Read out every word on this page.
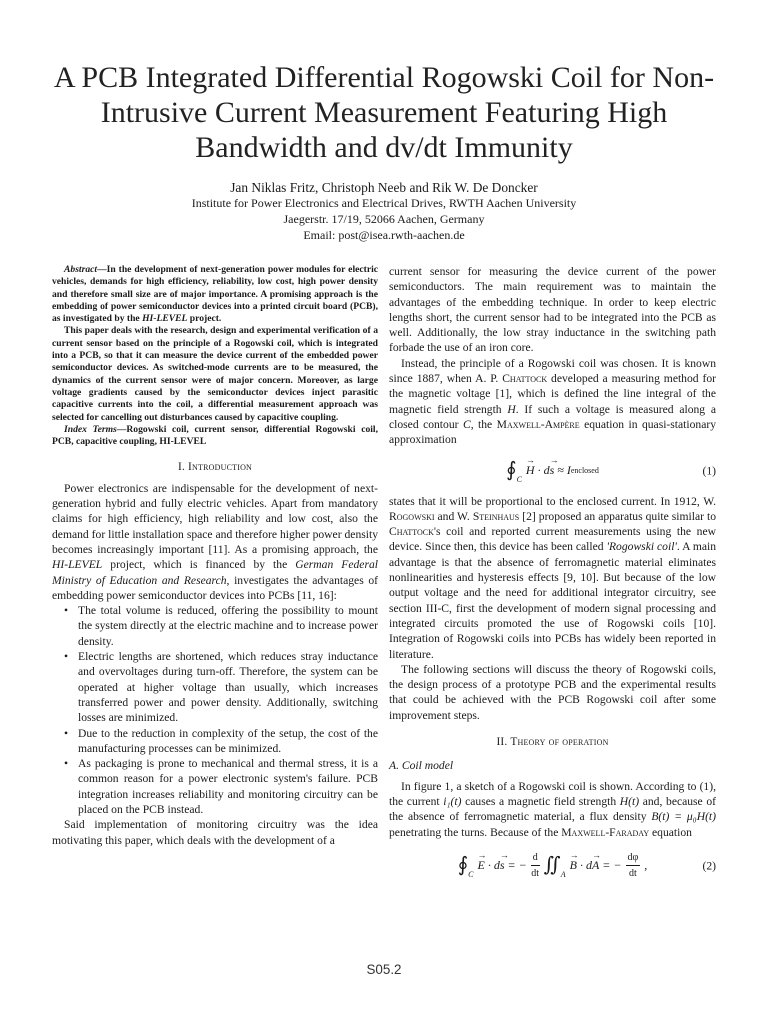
A PCB Integrated Differential Rogowski Coil for Non-Intrusive Current Measurement Featuring High Bandwidth and dv/dt Immunity
Jan Niklas Fritz, Christoph Neeb and Rik W. De Doncker
Institute for Power Electronics and Electrical Drives, RWTH Aachen University
Jaegerstr. 17/19, 52066 Aachen, Germany
Email: post@isea.rwth-aachen.de

Abstract—In the development of next-generation power modules for electric vehicles, demands for high efficiency, reliability, low cost, high power density and therefore small size are of major importance. A promising approach is the embedding of power semiconductor devices into a printed circuit board (PCB), as investigated by the HI-LEVEL project.

This paper deals with the research, design and experimental verification of a current sensor based on the principle of a Rogowski coil, which is integrated into a PCB, so that it can measure the device current of the embedded power semiconductor devices. As switched-mode currents are to be measured, the dynamics of the current sensor were of major concern. Moreover, as large voltage gradients caused by the semiconductor devices inject parasitic capacitive currents into the coil, a differential measurement approach was selected for cancelling out disturbances caused by capacitive coupling.

Index Terms—Rogowski coil, current sensor, differential Rogowski coil, PCB, capacitive coupling, HI-LEVEL

I. Introduction

Power electronics are indispensable for the development of next-generation hybrid and fully electric vehicles. Apart from mandatory claims for high efficiency, high reliability and low cost, also the demand for little installation space and therefore higher power density becomes increasingly important [11]. As a promising approach, the HI-LEVEL project, which is financed by the German Federal Ministry of Education and Research, investigates the advantages of embedding power semiconductor devices into PCBs [11, 16]:

• The total volume is reduced, offering the possibility to mount the system directly at the electric machine and to increase power density.
• Electric lengths are shortened, which reduces stray inductance and overvoltages during turn-off. Therefore, the system can be operated at higher voltage than usually, which increases transferred power and power density. Additionally, switching losses are minimized.
• Due to the reduction in complexity of the setup, the cost of the manufacturing processes can be minimized.
• As packaging is prone to mechanical and thermal stress, it is a common reason for a power electronic system's failure. PCB integration increases reliability and monitoring circuitry can be placed on the PCB instead.

Said implementation of monitoring circuitry was the idea motivating this paper, which deals with the development of a

current sensor for measuring the device current of the power semiconductors. The main requirement was to maintain the advantages of the embedding technique. In order to keep electric lengths short, the current sensor had to be integrated into the PCB as well. Additionally, the low stray inductance in the switching path forbade the use of an iron core.

Instead, the principle of a Rogowski coil was chosen. It is known since 1887, when A. P. Chattock developed a measuring method for the magnetic voltage [1], which is defined the line integral of the magnetic field strength H. If such a voltage is measured along a closed contour C, the Maxwell-Ampère equation in quasi-stationary approximation

∮ C
→ H · d → s
≈ I enclosed	(1)

states that it will be proportional to the enclosed current. In 1912, W. Rogowski and W. Steinhaus [2] proposed an apparatus quite similar to Chattock's coil and reported current measurements using the new device. Since then, this device has been called 'Rogowski coil'. A main advantage is that the absence of ferromagnetic material eliminates nonlinearities and hysteresis effects [9, 10]. But because of the low output voltage and the need for additional integrator circuitry, see section III-C, first the development of modern signal processing and integrated circuits promoted the use of Rogowski coils [10]. Integration of Rogowski coils into PCBs has widely been reported in literature.

The following sections will discuss the theory of Rogowski coils, the design process of a prototype PCB and the experimental results that could be achieved with the PCB Rogowski coil after some improvement steps.

II. Theory of operation
A. Coil model

In figure 1, a sketch of a Rogowski coil is shown. According to (1), the current i₁(t) causes a magnetic field strength H(t) and, because of the absence of ferromagnetic material, a flux density B(t) = μ₀H(t) penetrating the turns. Because of the Maxwell-Faraday equation

∮ C
→ E · d → s = − $\frac{d}{dt}$ ∬ A
→ B · d → A = − $\frac{d\varphi}{dt}$ ,	(2)
S05.2
